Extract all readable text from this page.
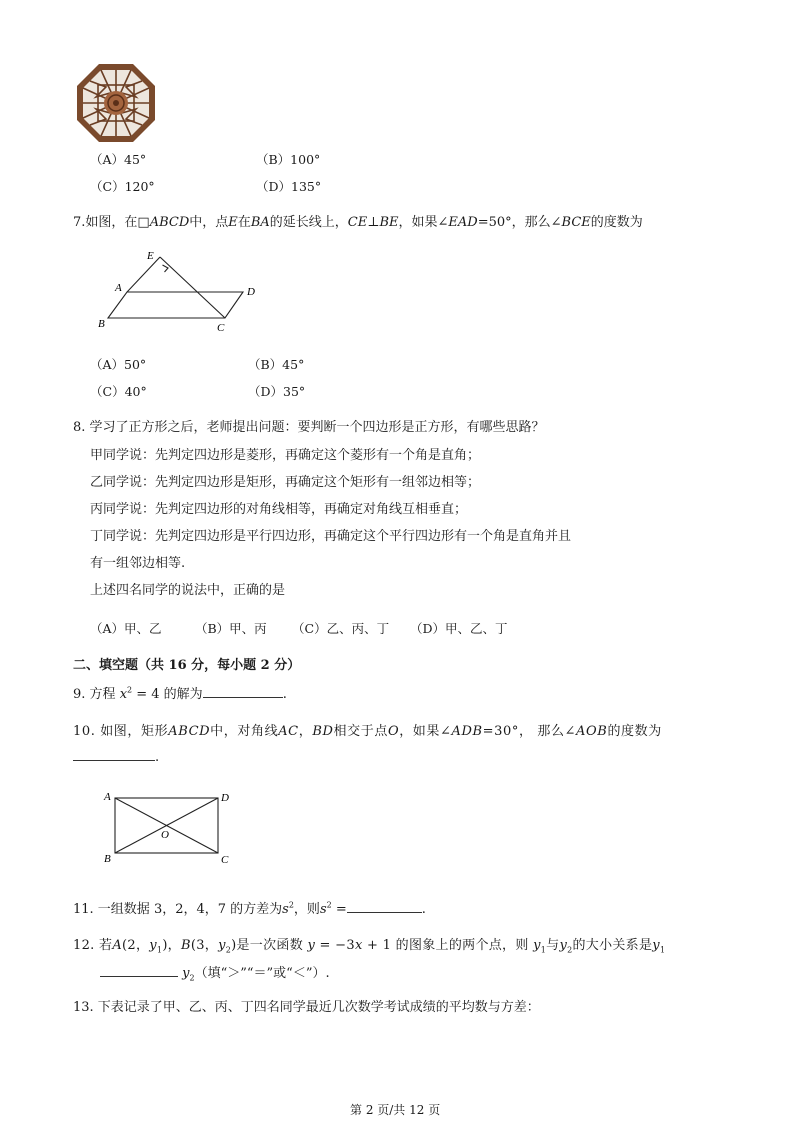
（A）45°	（B）100°
（C）120°	（D）135°
7.如图，在□ABCD中，点E在BA的延长线上，CE⊥BE，如果∠EAD=50°，那么∠BCE的度数为
E
A	D
B	C
（A）50°	（B）45°
（C）40°	（D）35°
8. 学习了正方形之后，老师提出问题：要判断一个四边形是正方形，有哪些思路？
甲同学说：先判定四边形是菱形，再确定这个菱形有一个角是直角；
乙同学说：先判定四边形是矩形，再确定这个矩形有一组邻边相等；
丙同学说：先判定四边形的对角线相等，再确定对角线互相垂直；
丁同学说：先判定四边形是平行四边形，再确定这个平行四边形有一个角是直角并且
有一组邻边相等.
上述四名同学的说法中，正确的是
（A）甲、乙	（B）甲、丙 （C）乙、丙、丁 （D）甲、乙、丁
二、填空题（共 16 分，每小题 2 分）
9. 方程 $x^2 = 4$ 的解为	.
10. 如图，矩形ABCD中，对角线AC，BD相交于点O，如果∠ADB=30°， 那么∠AOB的度数为
.
A	D
O
B	C
11. 一组数据 3，2，4，7 的方差为$s^2$，则$s^2$ =	.
12. 若A(2，$y_1$)，B(3，$y_2$)是一次函数 y = −3x + 1 的图象上的两个点，则 $y_1$与$y_2$的大小关系是$y_1$
$y_2$（填“＞”“＝”或“＜”）.
13. 下表记录了甲、乙、丙、丁四名同学最近几次数学考试成绩的平均数与方差：
第 2 页/共 12 页
